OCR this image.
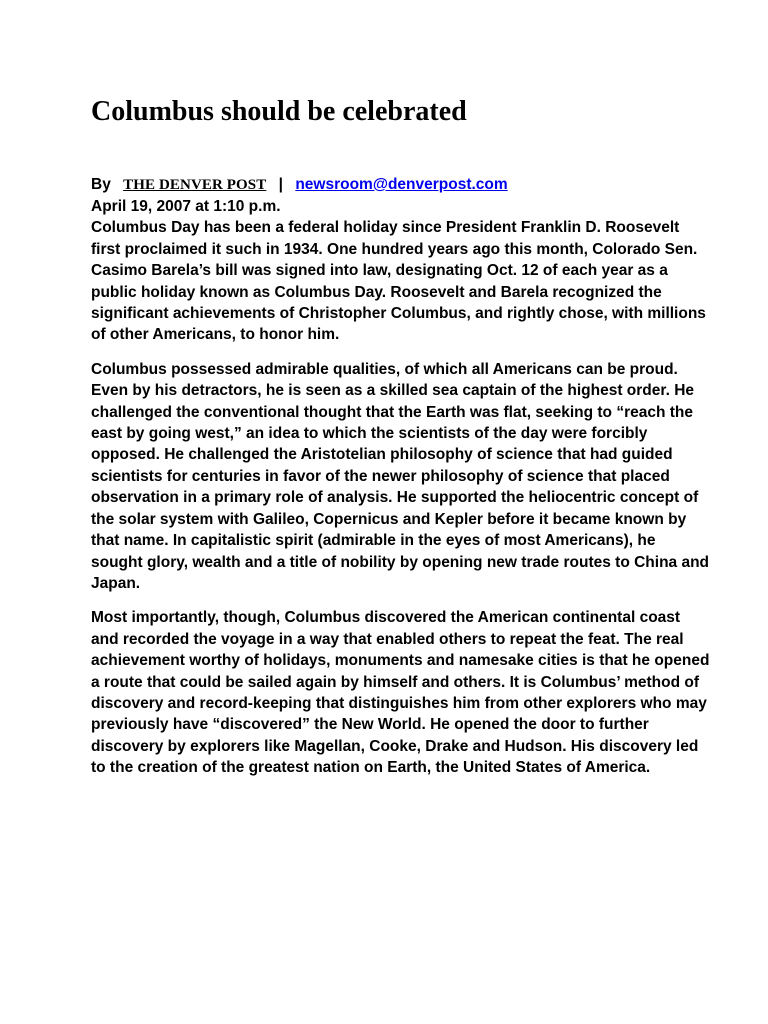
Columbus should be celebrated

By THE DENVER POST | newsroom@denverpost.com

April 19, 2007 at 1:10 p.m.

Columbus Day has been a federal holiday since President Franklin D. Roosevelt first proclaimed it such in 1934. One hundred years ago this month, Colorado Sen. Casimo Barela’s bill was signed into law, designating Oct. 12 of each year as a public holiday known as Columbus Day. Roosevelt and Barela recognized the significant achievements of Christopher Columbus, and rightly chose, with millions of other Americans, to honor him.

Columbus possessed admirable qualities, of which all Americans can be proud. Even by his detractors, he is seen as a skilled sea captain of the highest order. He challenged the conventional thought that the Earth was flat, seeking to “reach the east by going west,” an idea to which the scientists of the day were forcibly opposed. He challenged the Aristotelian philosophy of science that had guided scientists for centuries in favor of the newer philosophy of science that placed observation in a primary role of analysis. He supported the heliocentric concept of the solar system with Galileo, Copernicus and Kepler before it became known by that name. In capitalistic spirit (admirable in the eyes of most Americans), he sought glory, wealth and a title of nobility by opening new trade routes to China and Japan.

Most importantly, though, Columbus discovered the American continental coast and recorded the voyage in a way that enabled others to repeat the feat. The real achievement worthy of holidays, monuments and namesake cities is that he opened a route that could be sailed again by himself and others. It is Columbus’ method of discovery and record-keeping that distinguishes him from other explorers who may previously have “discovered” the New World. He opened the door to further discovery by explorers like Magellan, Cooke, Drake and Hudson. His discovery led to the creation of the greatest nation on Earth, the United States of America.
